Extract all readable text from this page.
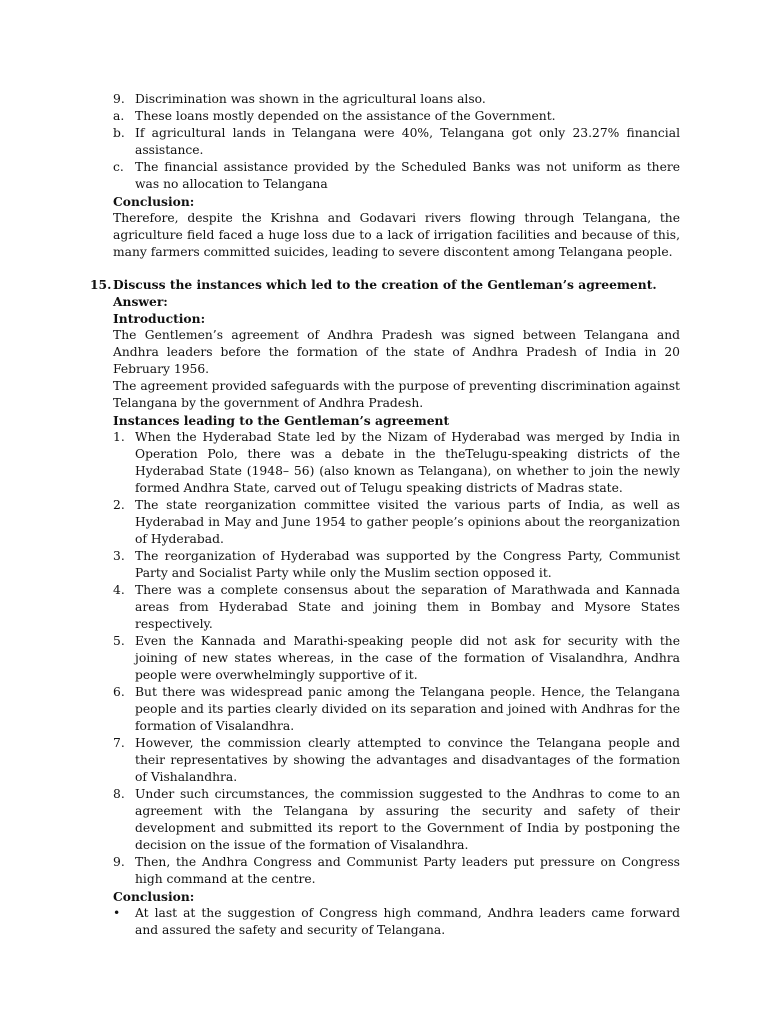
9. Discrimination was shown in the agricultural loans also.
a. These loans mostly depended on the assistance of the Government.
b. If agricultural lands in Telangana were 40%, Telangana got only 23.27% financial assistance.
c. The financial assistance provided by the Scheduled Banks was not uniform as there was no allocation to Telangana
Conclusion:

Therefore, despite the Krishna and Godavari rivers flowing through Telangana, the agriculture field faced a huge loss due to a lack of irrigation facilities and because of this, many farmers committed suicides, leading to severe discontent among Telangana people.

15. Discuss the instances which led to the creation of the Gentleman’s agreement.
Answer:
Introduction:

The Gentlemen’s agreement of Andhra Pradesh was signed between Telangana and Andhra leaders before the formation of the state of Andhra Pradesh of India in 20 February 1956.

The agreement provided safeguards with the purpose of preventing discrimination against Telangana by the government of Andhra Pradesh.

Instances leading to the Gentleman’s agreement
1. When the Hyderabad State led by the Nizam of Hyderabad was merged by India in Operation Polo, there was a debate in the theTelugu-speaking districts of the Hyderabad State (1948– 56) (also known as Telangana), on whether to join the newly formed Andhra State, carved out of Telugu speaking districts of Madras state.
2. The state reorganization committee visited the various parts of India, as well as Hyderabad in May and June 1954 to gather people’s opinions about the reorganization of Hyderabad.
3. The reorganization of Hyderabad was supported by the Congress Party, Communist Party and Socialist Party while only the Muslim section opposed it.
4. There was a complete consensus about the separation of Marathwada and Kannada areas from Hyderabad State and joining them in Bombay and Mysore States respectively.
5. Even the Kannada and Marathi-speaking people did not ask for security with the joining of new states whereas, in the case of the formation of Visalandhra, Andhra people were overwhelmingly supportive of it.
6. But there was widespread panic among the Telangana people. Hence, the Telangana people and its parties clearly divided on its separation and joined with Andhras for the formation of Visalandhra.
7. However, the commission clearly attempted to convince the Telangana people and their representatives by showing the advantages and disadvantages of the formation of Vishalandhra.
8. Under such circumstances, the commission suggested to the Andhras to come to an agreement with the Telangana by assuring the security and safety of their development and submitted its report to the Government of India by postponing the decision on the issue of the formation of Visalandhra.
9. Then, the Andhra Congress and Communist Party leaders put pressure on Congress high command at the centre.
Conclusion:
•	At last at the suggestion of Congress high command, Andhra leaders came forward and assured the safety and security of Telangana.
